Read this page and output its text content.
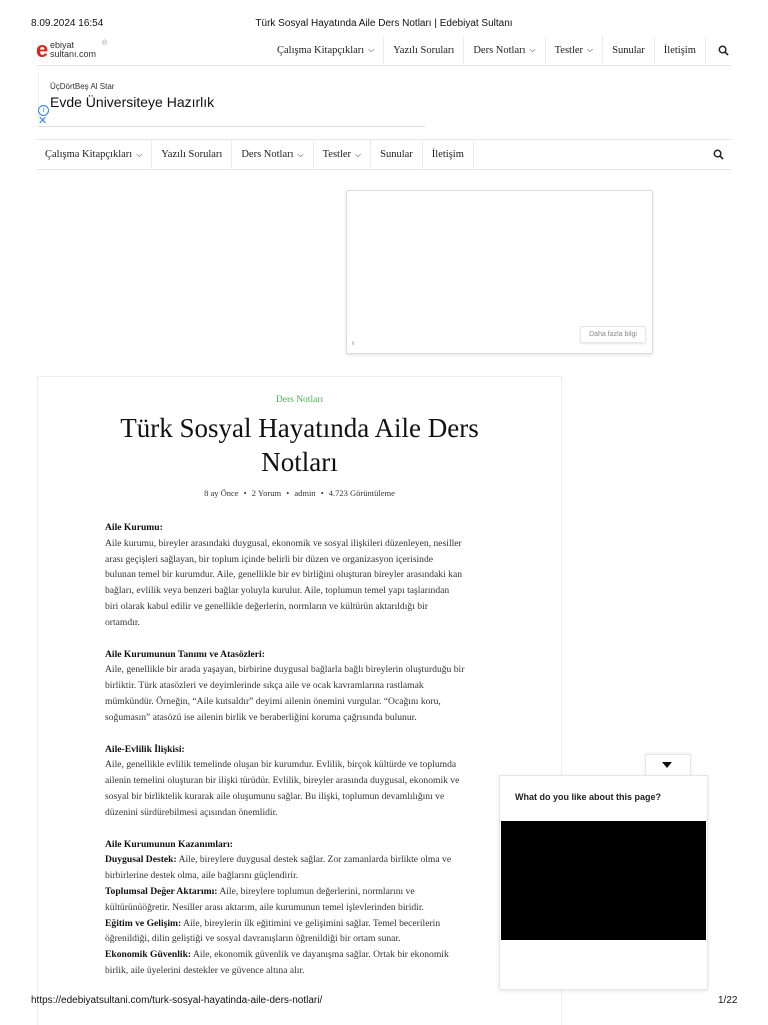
8.09.2024 16:54	Türk Sosyal Hayatında Aile Ders Notları | Edebiyat Sultanı
e ebiyat
sultanı.com
®
Çalışma Kitapçıkları ⌵ Yazılı Soruları Ders Notları ⌵ Testler ⌵ Sunular İletişim
ÜçDörtBeş Al Star
Evde Üniversiteye Hazırlık
i
✕
Çalışma Kitapçıkları ⌵ Yazılı Soruları Ders Notları ⌵ Testler ⌵ Sunular İletişim
◐
Daha fazla bilgi
Ders Notları
Türk Sosyal Hayatında Aile Ders
Notları
8 ay Önce • 2 Yorum • admin • 4.723 Görüntüleme

Aile Kurumu:

Aile kurumu, bireyler arasındaki duygusal, ekonomik ve sosyal ilişkileri düzenleyen, nesiller

arası geçişleri sağlayan, bir toplum içinde belirli bir düzen ve organizasyon içerisinde

bulunan temel bir kurumdur. Aile, genellikle bir ev birliğini oluşturan bireyler arasındaki kan

bağları, evlilik veya benzeri bağlar yoluyla kurulur. Aile, toplumun temel yapı taşlarından

biri olarak kabul edilir ve genellikle değerlerin, normların ve kültürün aktarıldığı bir

ortamdır.

Aile Kurumunun Tanımı ve Atasözleri:

Aile, genellikle bir arada yaşayan, birbirine duygusal bağlarla bağlı bireylerin oluşturduğu bir

birliktir. Türk atasözleri ve deyimlerinde sıkça aile ve ocak kavramlarına rastlamak

mümkündür. Örneğin, “Aile kutsaldır” deyimi ailenin önemini vurgular. “Ocağını koru,

soğumasın” atasözü ise ailenin birlik ve beraberliğini koruma çağrısında bulunur.

Aile-Evlilik İlişkisi:

Aile, genellikle evlilik temelinde oluşan bir kurumdur. Evlilik, birçok kültürde ve toplumda

ailenin temelini oluşturan bir ilişki türüdür. Evlilik, bireyler arasında duygusal, ekonomik ve

sosyal bir birliktelik kurarak aile oluşumunu sağlar. Bu ilişki, toplumun devamlılığını ve

düzenini sürdürebilmesi açısından önemlidir.

Aile Kurumunun Kazanımları:

Duygusal Destek: Aile, bireylere duygusal destek sağlar. Zor zamanlarda birlikte olma ve

birbirlerine destek olma, aile bağlarını güçlendirir.

Toplumsal Değer Aktarımı: Aile, bireylere toplumun değerlerini, normlarını ve

kültürünüöğretir. Nesiller arası aktarım, aile kurumunun temel işlevlerinden biridir.

Eğitim ve Gelişim: Aile, bireylerin ilk eğitimini ve gelişimini sağlar. Temel becerilerin

öğrenildiği, dilin geliştiği ve sosyal davranışların öğrenildiği bir ortam sunar.

Ekonomik Güvenlik: Aile, ekonomik güvenlik ve dayanışma sağlar. Ortak bir ekonomik

birlik, aile üyelerini destekler ve güvence altına alır.

What do you like about this page?
https://edebiyatsultani.com/turk-sosyal-hayatinda-aile-ders-notlari/	1/22
